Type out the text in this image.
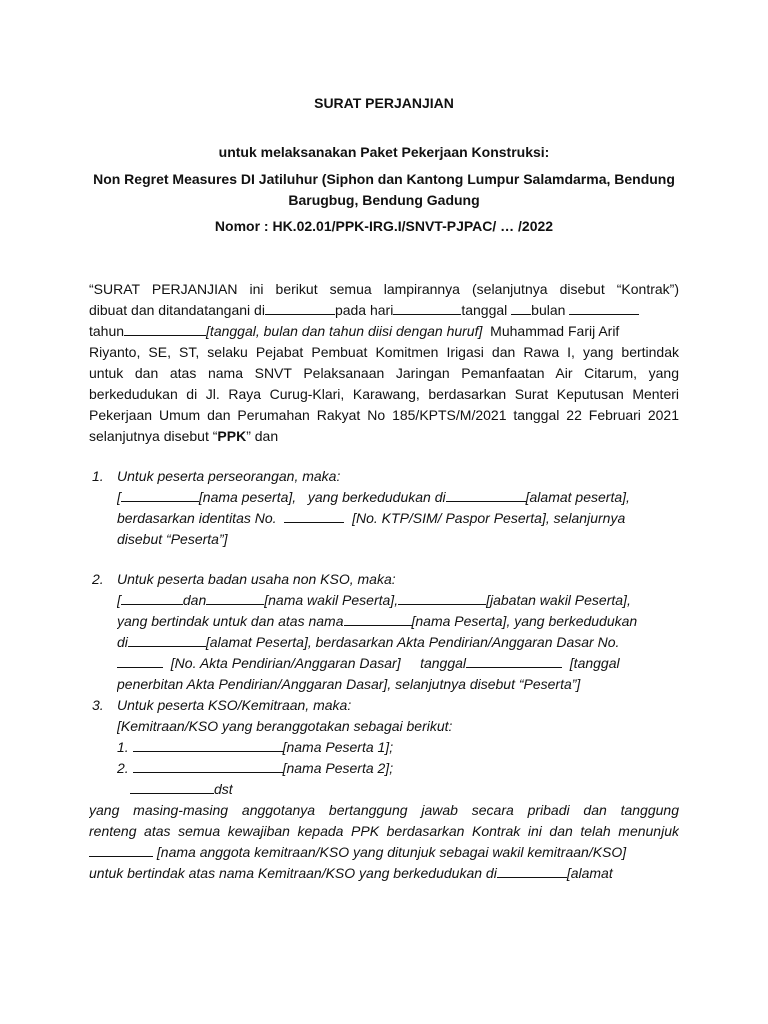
SURAT PERJANJIAN
untuk melaksanakan Paket Pekerjaan Konstruksi:
Non Regret Measures DI Jatiluhur (Siphon dan Kantong Lumpur Salamdarma, Bendung
Barugbug, Bendung Gadung
Nomor : HK.02.01/PPK-IRG.I/SNVT-PJPAC/ … /2022
“SURAT PERJANJIAN ini berikut semua lampirannya (selanjutnya disebut “Kontrak”)
dibuat dan ditandatangani di	pada hari	tanggal bulan
tahun	[tanggal, bulan dan tahun diisi dengan huruf] Muhammad Farij Arif
Riyanto, SE, ST, selaku Pejabat Pembuat Komitmen Irigasi dan Rawa I, yang bertindak
untuk dan atas nama SNVT Pelaksanaan Jaringan Pemanfaatan Air Citarum, yang
berkedudukan di Jl. Raya Curug-Klari, Karawang, berdasarkan Surat Keputusan Menteri
Pekerjaan Umum dan Perumahan Rakyat No 185/KPTS/M/2021 tanggal 22 Februari 2021
selanjutnya disebut “PPK” dan
1. Untuk peserta perseorangan, maka:
[	[nama peserta], yang berkedudukan di	[alamat peserta],
berdasarkan identitas No.	[No. KTP/SIM/ Paspor Peserta], selanjurnya
disebut “Peserta”]
2. Untuk peserta badan usaha non KSO, maka:
[	dan	[nama wakil Peserta],	[jabatan wakil Peserta],
yang bertindak untuk dan atas nama	[nama Peserta], yang berkedudukan
di	[alamat Peserta], berdasarkan Akta Pendirian/Anggaran Dasar No.
[No. Akta Pendirian/Anggaran Dasar] tanggal	[tanggal
penerbitan Akta Pendirian/Anggaran Dasar], selanjutnya disebut “Peserta”]
3. Untuk peserta KSO/Kemitraan, maka:
[Kemitraan/KSO yang beranggotakan sebagai berikut:
1.	[nama Peserta 1];
2.	[nama Peserta 2];
dst
yang masing-masing anggotanya bertanggung jawab secara pribadi dan tanggung
renteng atas semua kewajiban kepada PPK berdasarkan Kontrak ini dan telah menunjuk
[nama anggota kemitraan/KSO yang ditunjuk sebagai wakil kemitraan/KSO]
untuk bertindak atas nama Kemitraan/KSO yang berkedudukan di	[alamat
